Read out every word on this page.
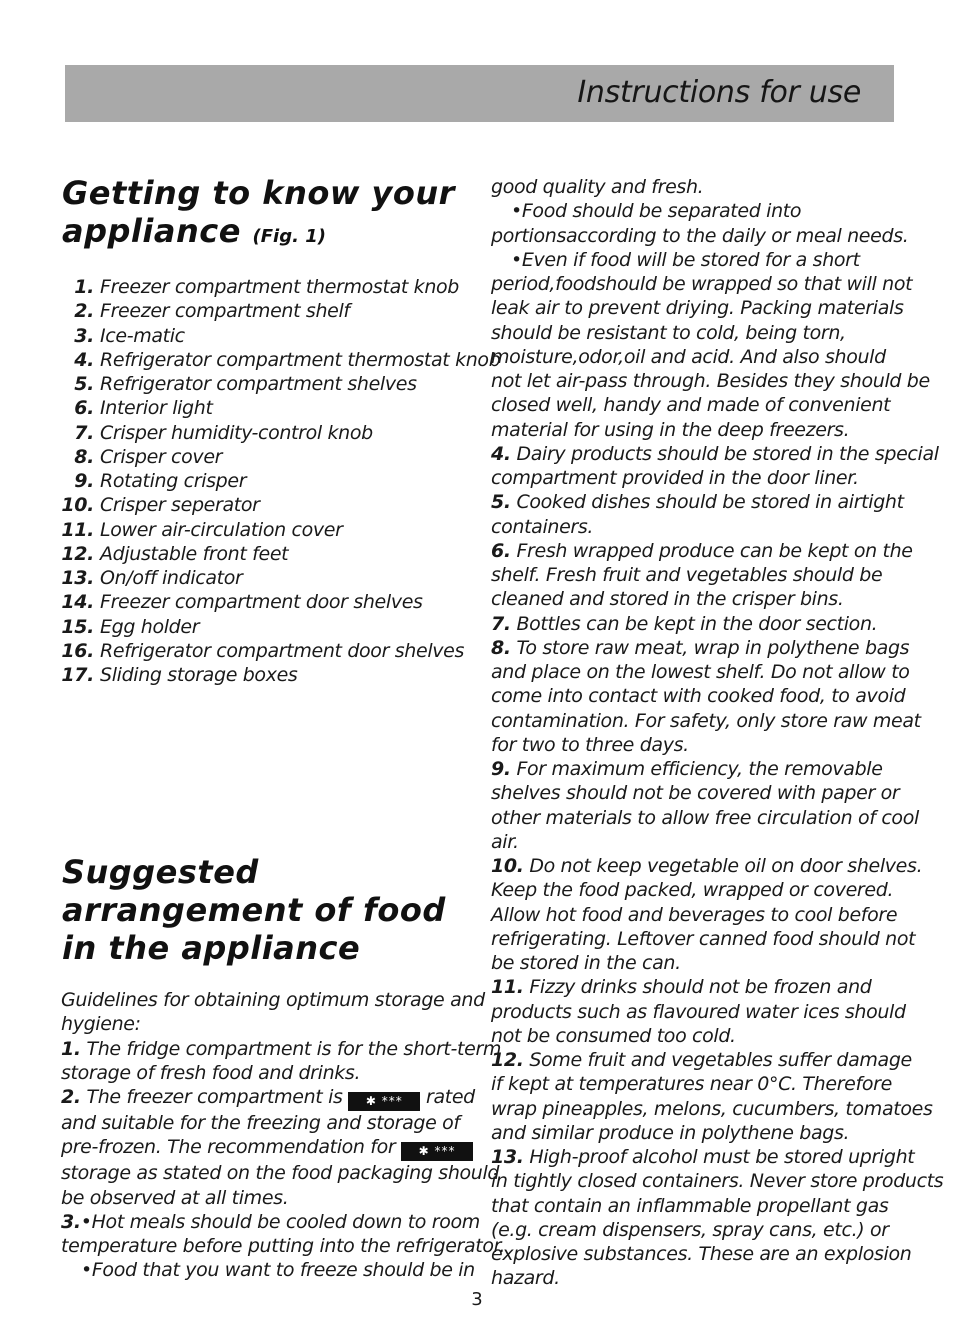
Instructions for use
Getting to know your
appliance (Fig. 1)
1. Freezer compartment thermostat knob
2. Freezer compartment shelf
3. Ice-matic
4. Refrigerator compartment thermostat knob
5. Refrigerator compartment shelves
6. Interior light
7. Crisper humidity-control knob
8. Crisper cover
9. Rotating crisper
10. Crisper seperator
11. Lower air-circulation cover
12. Adjustable front feet
13. On/off indicator
14. Freezer compartment door shelves
15. Egg holder
16. Refrigerator compartment door shelves
17. Sliding storage boxes
Suggested
arrangement of food
in the appliance

Guidelines for obtaining optimum storage and

hygiene:

1. The fridge compartment is for the short-term

storage of fresh food and drinks.

2. The freezer compartment is ✱ *** rated

and suitable for the freezing and storage of

pre-frozen. The recommendation for ✱ ***

storage as stated on the food packaging should

be observed at all times.

3.•Hot meals should be cooled down to room

temperature before putting into the refrigerator.

•Food that you want to freeze should be in

good quality and fresh.

•Food should be separated into

portionsaccording to the daily or meal needs.

•Even if food will be stored for a short

period,foodshould be wrapped so that will not

leak air to prevent driying. Packing materials

should be resistant to cold, being torn,

moisture,odor,oil and acid. And also should

not let air-pass through. Besides they should be

closed well, handy and made of convenient

material for using in the deep freezers.

4. Dairy products should be stored in the special

compartment provided in the door liner.

5. Cooked dishes should be stored in airtight

containers.

6. Fresh wrapped produce can be kept on the

shelf. Fresh fruit and vegetables should be

cleaned and stored in the crisper bins.

7. Bottles can be kept in the door section.

8. To store raw meat, wrap in polythene bags

and place on the lowest shelf. Do not allow to

come into contact with cooked food, to avoid

contamination. For safety, only store raw meat

for two to three days.

9. For maximum efficiency, the removable

shelves should not be covered with paper or

other materials to allow free circulation of cool

air.

10. Do not keep vegetable oil on door shelves.

Keep the food packed, wrapped or covered.

Allow hot food and beverages to cool before

refrigerating. Leftover canned food should not

be stored in the can.

11. Fizzy drinks should not be frozen and

products such as flavoured water ices should

not be consumed too cold.

12. Some fruit and vegetables suffer damage

if kept at temperatures near 0°C. Therefore

wrap pineapples, melons, cucumbers, tomatoes

and similar produce in polythene bags.

13. High-proof alcohol must be stored upright

in tightly closed containers. Never store products

that contain an inflammable propellant gas

(e.g. cream dispensers, spray cans, etc.) or

explosive substances. These are an explosion

hazard.

3
